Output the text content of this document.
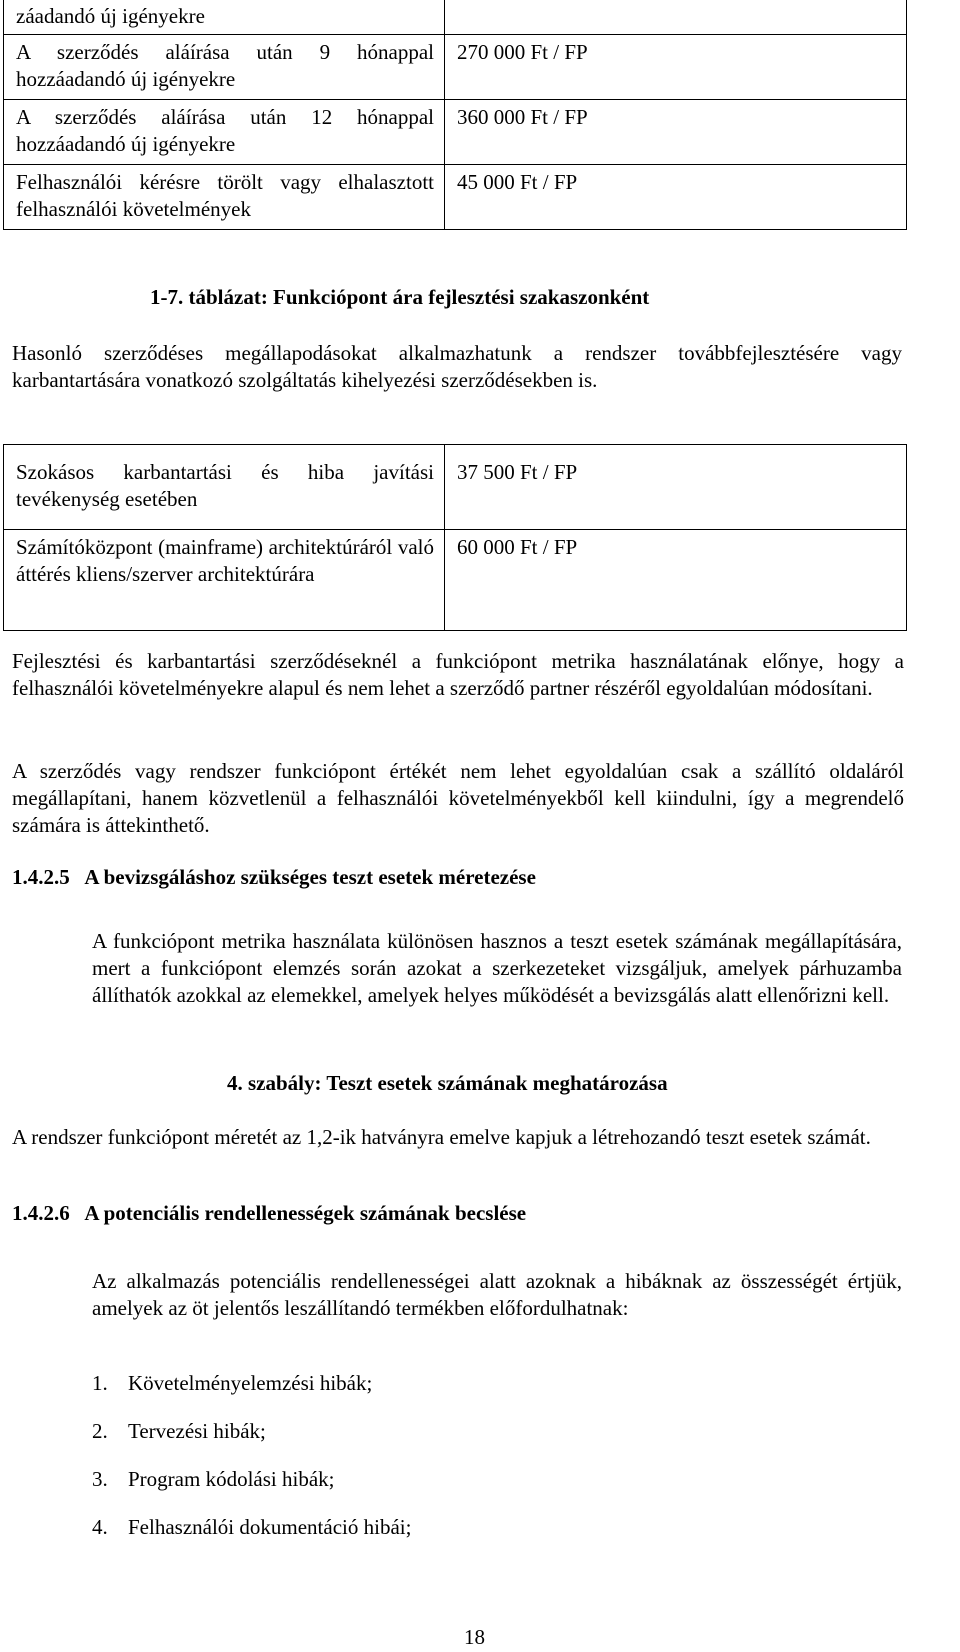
záadandó új igényekre	
A szerződés aláírása után 9 hónappal hozzáadandó új igényekre	270 000 Ft / FP
A szerződés aláírása után 12 hónappal hozzáadandó új igényekre	360 000 Ft / FP
Felhasználói kérésre törölt vagy elhalasztott felhasználói követelmények	45 000 Ft / FP
1-7. táblázat: Funkciópont ára fejlesztési szakaszonként
Hasonló szerződéses megállapodásokat alkalmazhatunk a rendszer továbbfejlesztésére vagy karbantartására vonatkozó szolgáltatás kihelyezési szerződésekben is.
Szokásos karbantartási és hiba javítási tevékenység esetében	37 500 Ft / FP
Számítóközpont (mainframe) architektúráról való áttérés kliens/szerver architektúrára	60 000 Ft / FP
Fejlesztési és karbantartási szerződéseknél a funkciópont metrika használatának előnye, hogy a felhasználói követelményekre alapul és nem lehet a szerződő partner részéről egyoldalúan módosítani.
A szerződés vagy rendszer funkciópont értékét nem lehet egyoldalúan csak a szállító oldaláról megállapítani, hanem közvetlenül a felhasználói követelményekből kell kiindulni, így a megrendelő számára is áttekinthető.
1.4.2.5 A bevizsgáláshoz szükséges teszt esetek méretezése
A funkciópont metrika használata különösen hasznos a teszt esetek számának megállapítására, mert a funkciópont elemzés során azokat a szerkezeteket vizsgáljuk, amelyek párhuzamba állíthatók azokkal az elemekkel, amelyek helyes működését a bevizsgálás alatt ellenőrizni kell.
4. szabály: Teszt esetek számának meghatározása
A rendszer funkciópont méretét az 1,2-ik hatványra emelve kapjuk a létrehozandó teszt esetek számát.
1.4.2.6 A potenciális rendellenességek számának becslése
Az alkalmazás potenciális rendellenességei alatt azoknak a hibáknak az összességét értjük, amelyek az öt jelentős leszállítandó termékben előfordulhatnak:
1. Követelményelemzési hibák;
2. Tervezési hibák;
3. Program kódolási hibák;
4. Felhasználói dokumentáció hibái;
18
